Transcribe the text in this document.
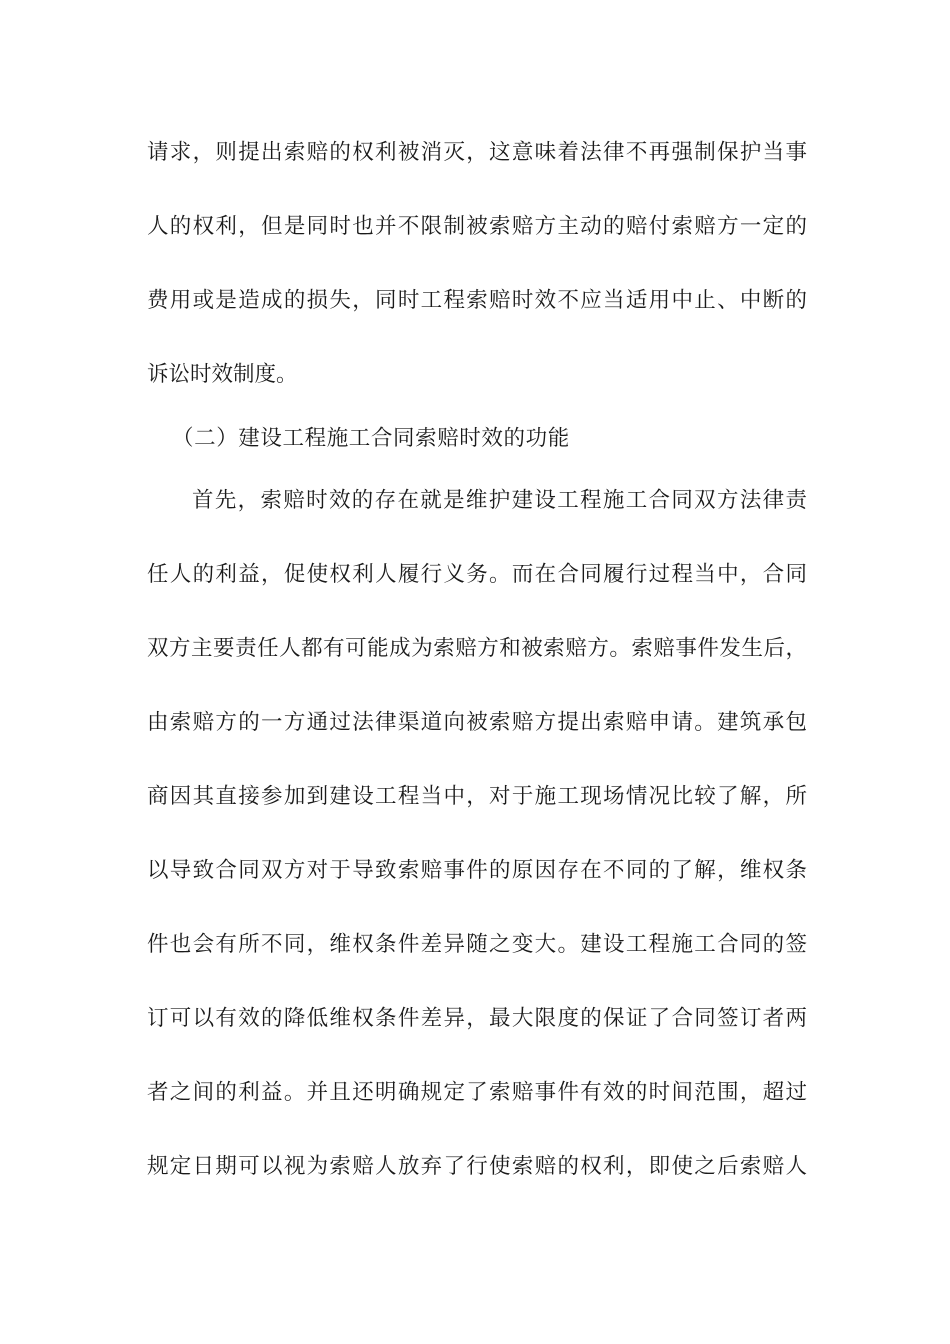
请求，则提出索赔的权利被消灭，这意味着法律不再强制保护当事
人的权利，但是同时也并不限制被索赔方主动的赔付索赔方一定的
费用或是造成的损失，同时工程索赔时效不应当适用中止、中断的
诉讼时效制度。
（二）建设工程施工合同索赔时效的功能
首先，索赔时效的存在就是维护建设工程施工合同双方法律责
任人的利益，促使权利人履行义务。而在合同履行过程当中，合同
双方主要责任人都有可能成为索赔方和被索赔方。索赔事件发生后，
由索赔方的一方通过法律渠道向被索赔方提出索赔申请。建筑承包
商因其直接参加到建设工程当中，对于施工现场情况比较了解，所
以导致合同双方对于导致索赔事件的原因存在不同的了解，维权条
件也会有所不同，维权条件差异随之变大。建设工程施工合同的签
订可以有效的降低维权条件差异，最大限度的保证了合同签订者两
者之间的利益。并且还明确规定了索赔事件有效的时间范围，超过
规定日期可以视为索赔人放弃了行使索赔的权利，即使之后索赔人
